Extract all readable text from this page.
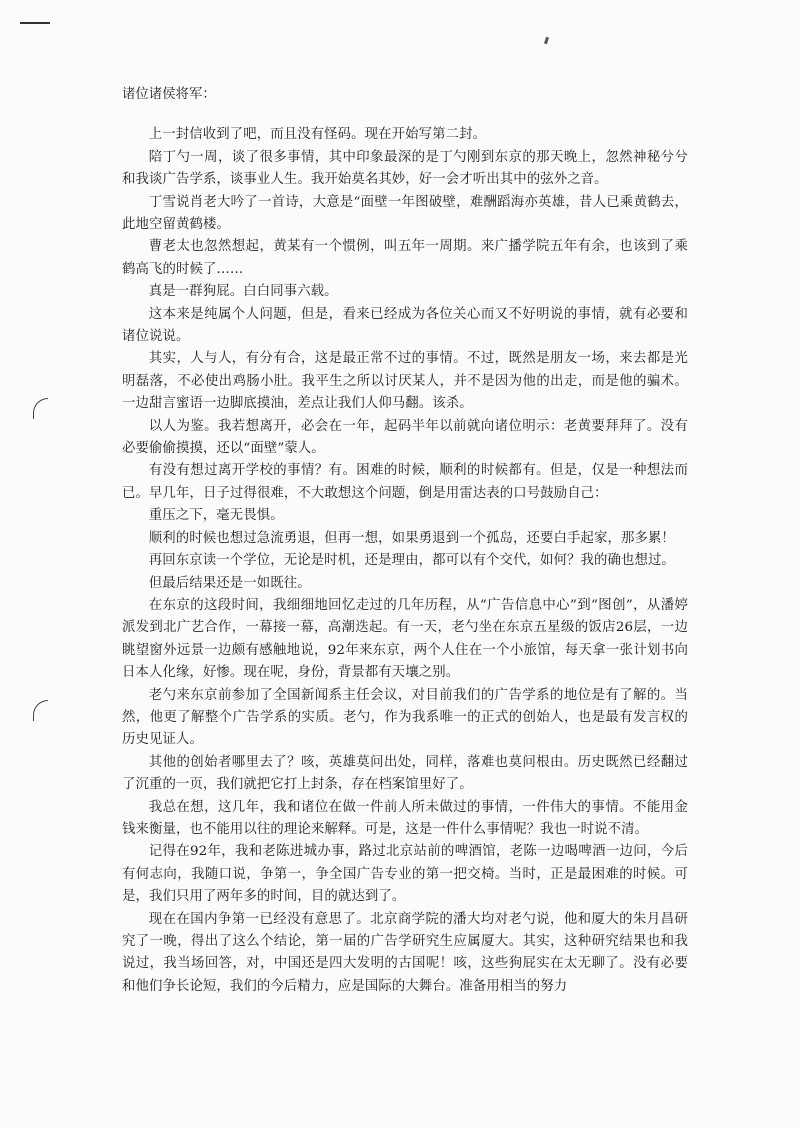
诸位诸侯将军：

上一封信收到了吧，而且没有怪码。现在开始写第二封。

陪丁勺一周，谈了很多事情，其中印象最深的是丁勺刚到东京的那天晚上，忽然神秘兮兮和我谈广告学系，谈事业人生。我开始莫名其妙，好一会才听出其中的弦外之音。

丁雪说肖老大吟了一首诗，大意是“面壁一年图破壁，难酬蹈海亦英雄，昔人已乘黄鹤去，此地空留黄鹤楼。

曹老太也忽然想起，黄某有一个惯例，叫五年一周期。来广播学院五年有余，也该到了乘鹤高飞的时候了……

真是一群狗屁。白白同事六载。

这本来是纯属个人问题，但是，看来已经成为各位关心而又不好明说的事情，就有必要和诸位说说。

其实，人与人，有分有合，这是最正常不过的事情。不过，既然是朋友一场，来去都是光明磊落，不必使出鸡肠小肚。我平生之所以讨厌某人，并不是因为他的出走，而是他的骗术。一边甜言蜜语一边脚底摸油，差点让我们人仰马翻。该杀。

以人为鉴。我若想离开，必会在一年，起码半年以前就向诸位明示：老黄要拜拜了。没有必要偷偷摸摸，还以“面壁”蒙人。

有没有想过离开学校的事情？有。困难的时候，顺利的时候都有。但是，仅是一种想法而已。早几年，日子过得很难，不大敢想这个问题，倒是用雷达表的口号鼓励自己：

重压之下，毫无畏惧。

顺利的时候也想过急流勇退，但再一想，如果勇退到一个孤岛，还要白手起家，那多累！

再回东京读一个学位，无论是时机，还是理由，都可以有个交代，如何？我的确也想过。

但最后结果还是一如既往。

在东京的这段时间，我细细地回忆走过的几年历程，从“广告信息中心”到“图创”，从潘婷派发到北广艺合作，一幕接一幕，高潮迭起。有一天，老勺坐在东京五星级的饭店26层，一边眺望窗外远景一边颇有感触地说，92年来东京，两个人住在一个小旅馆，每天拿一张计划书向日本人化缘，好惨。现在呢，身份，背景都有天壤之别。

老勺来东京前参加了全国新闻系主任会议，对目前我们的广告学系的地位是有了解的。当然，他更了解整个广告学系的实质。老勺，作为我系唯一的正式的创始人，也是最有发言权的历史见证人。

其他的创始者哪里去了？咳，英雄莫问出处，同样，落难也莫问根由。历史既然已经翻过了沉重的一页，我们就把它打上封条，存在档案馆里好了。

我总在想，这几年，我和诸位在做一件前人所未做过的事情，一件伟大的事情。不能用金钱来衡量，也不能用以往的理论来解释。可是，这是一件什么事情呢？我也一时说不清。

记得在92年，我和老陈进城办事，路过北京站前的啤酒馆，老陈一边喝啤酒一边问，今后有何志向，我随口说，争第一，争全国广告专业的第一把交椅。当时，正是最困难的时候。可是，我们只用了两年多的时间，目的就达到了。

现在在国内争第一已经没有意思了。北京商学院的潘大均对老勺说，他和厦大的朱月昌研究了一晚，得出了这么个结论，第一届的广告学研究生应属厦大。其实，这种研究结果也和我说过，我当场回答，对，中国还是四大发明的古国呢！咳，这些狗屁实在太无聊了。没有必要和他们争长论短，我们的今后精力，应是国际的大舞台。准备用相当的努力
